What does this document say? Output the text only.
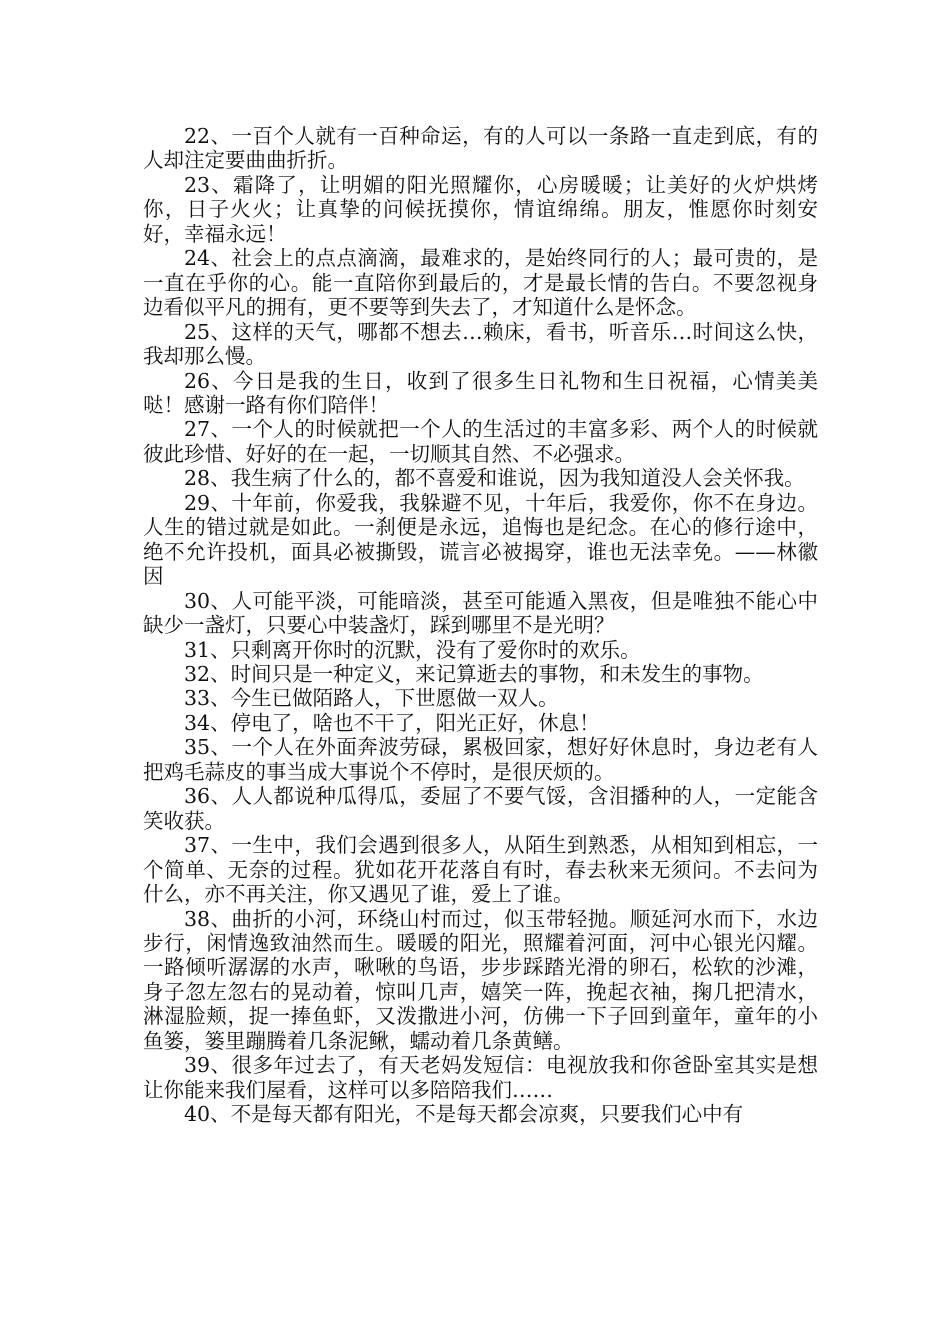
22、一百个人就有一百种命运，有的人可以一条路一直走到底，有的人却注定要曲曲折折。

23、霜降了，让明媚的阳光照耀你，心房暖暖；让美好的火炉烘烤你，日子火火；让真挚的问候抚摸你，情谊绵绵。朋友，惟愿你时刻安好，幸福永远！

24、社会上的点点滴滴，最难求的，是始终同行的人；最可贵的，是一直在乎你的心。能一直陪你到最后的，才是最长情的告白。不要忽视身边看似平凡的拥有，更不要等到失去了，才知道什么是怀念。

25、这样的天气，哪都不想去…赖床，看书，听音乐…时间这么快，我却那么慢。

26、今日是我的生日，收到了很多生日礼物和生日祝福，心情美美哒！感谢一路有你们陪伴！

27、一个人的时候就把一个人的生活过的丰富多彩、两个人的时候就彼此珍惜、好好的在一起，一切顺其自然、不必强求。

28、我生病了什么的，都不喜爱和谁说，因为我知道没人会关怀我。

29、十年前，你爱我，我躲避不见，十年后，我爱你，你不在身边。人生的错过就是如此。一刹便是永远，追悔也是纪念。在心的修行途中，绝不允许投机，面具必被撕毁，谎言必被揭穿，谁也无法幸免。——林徽因

30、人可能平淡，可能暗淡，甚至可能遁入黑夜，但是唯独不能心中缺少一盏灯，只要心中装盏灯，踩到哪里不是光明？

31、只剩离开你时的沉默，没有了爱你时的欢乐。

32、时间只是一种定义，来记算逝去的事物，和未发生的事物。

33、今生已做陌路人，下世愿做一双人。

34、停电了，啥也不干了，阳光正好，休息！

35、一个人在外面奔波劳碌，累极回家，想好好休息时，身边老有人把鸡毛蒜皮的事当成大事说个不停时，是很厌烦的。

36、人人都说种瓜得瓜，委屈了不要气馁，含泪播种的人，一定能含笑收获。

37、一生中，我们会遇到很多人，从陌生到熟悉，从相知到相忘，一个简单、无奈的过程。犹如花开花落自有时，春去秋来无须问。不去问为什么，亦不再关注，你又遇见了谁，爱上了谁。

38、曲折的小河，环绕山村而过，似玉带轻抛。顺延河水而下，水边步行，闲情逸致油然而生。暖暖的阳光，照耀着河面，河中心银光闪耀。一路倾听潺潺的水声，啾啾的鸟语，步步踩踏光滑的卵石，松软的沙滩，身子忽左忽右的晃动着，惊叫几声，嬉笑一阵，挽起衣袖，掬几把清水，淋湿脸颊，捉一捧鱼虾，又泼撒进小河，仿佛一下子回到童年，童年的小鱼篓，篓里蹦腾着几条泥鳅，蠕动着几条黄鳝。

39、很多年过去了，有天老妈发短信：电视放我和你爸卧室其实是想让你能来我们屋看，这样可以多陪陪我们……

40、不是每天都有阳光，不是每天都会凉爽，只要我们心中有
